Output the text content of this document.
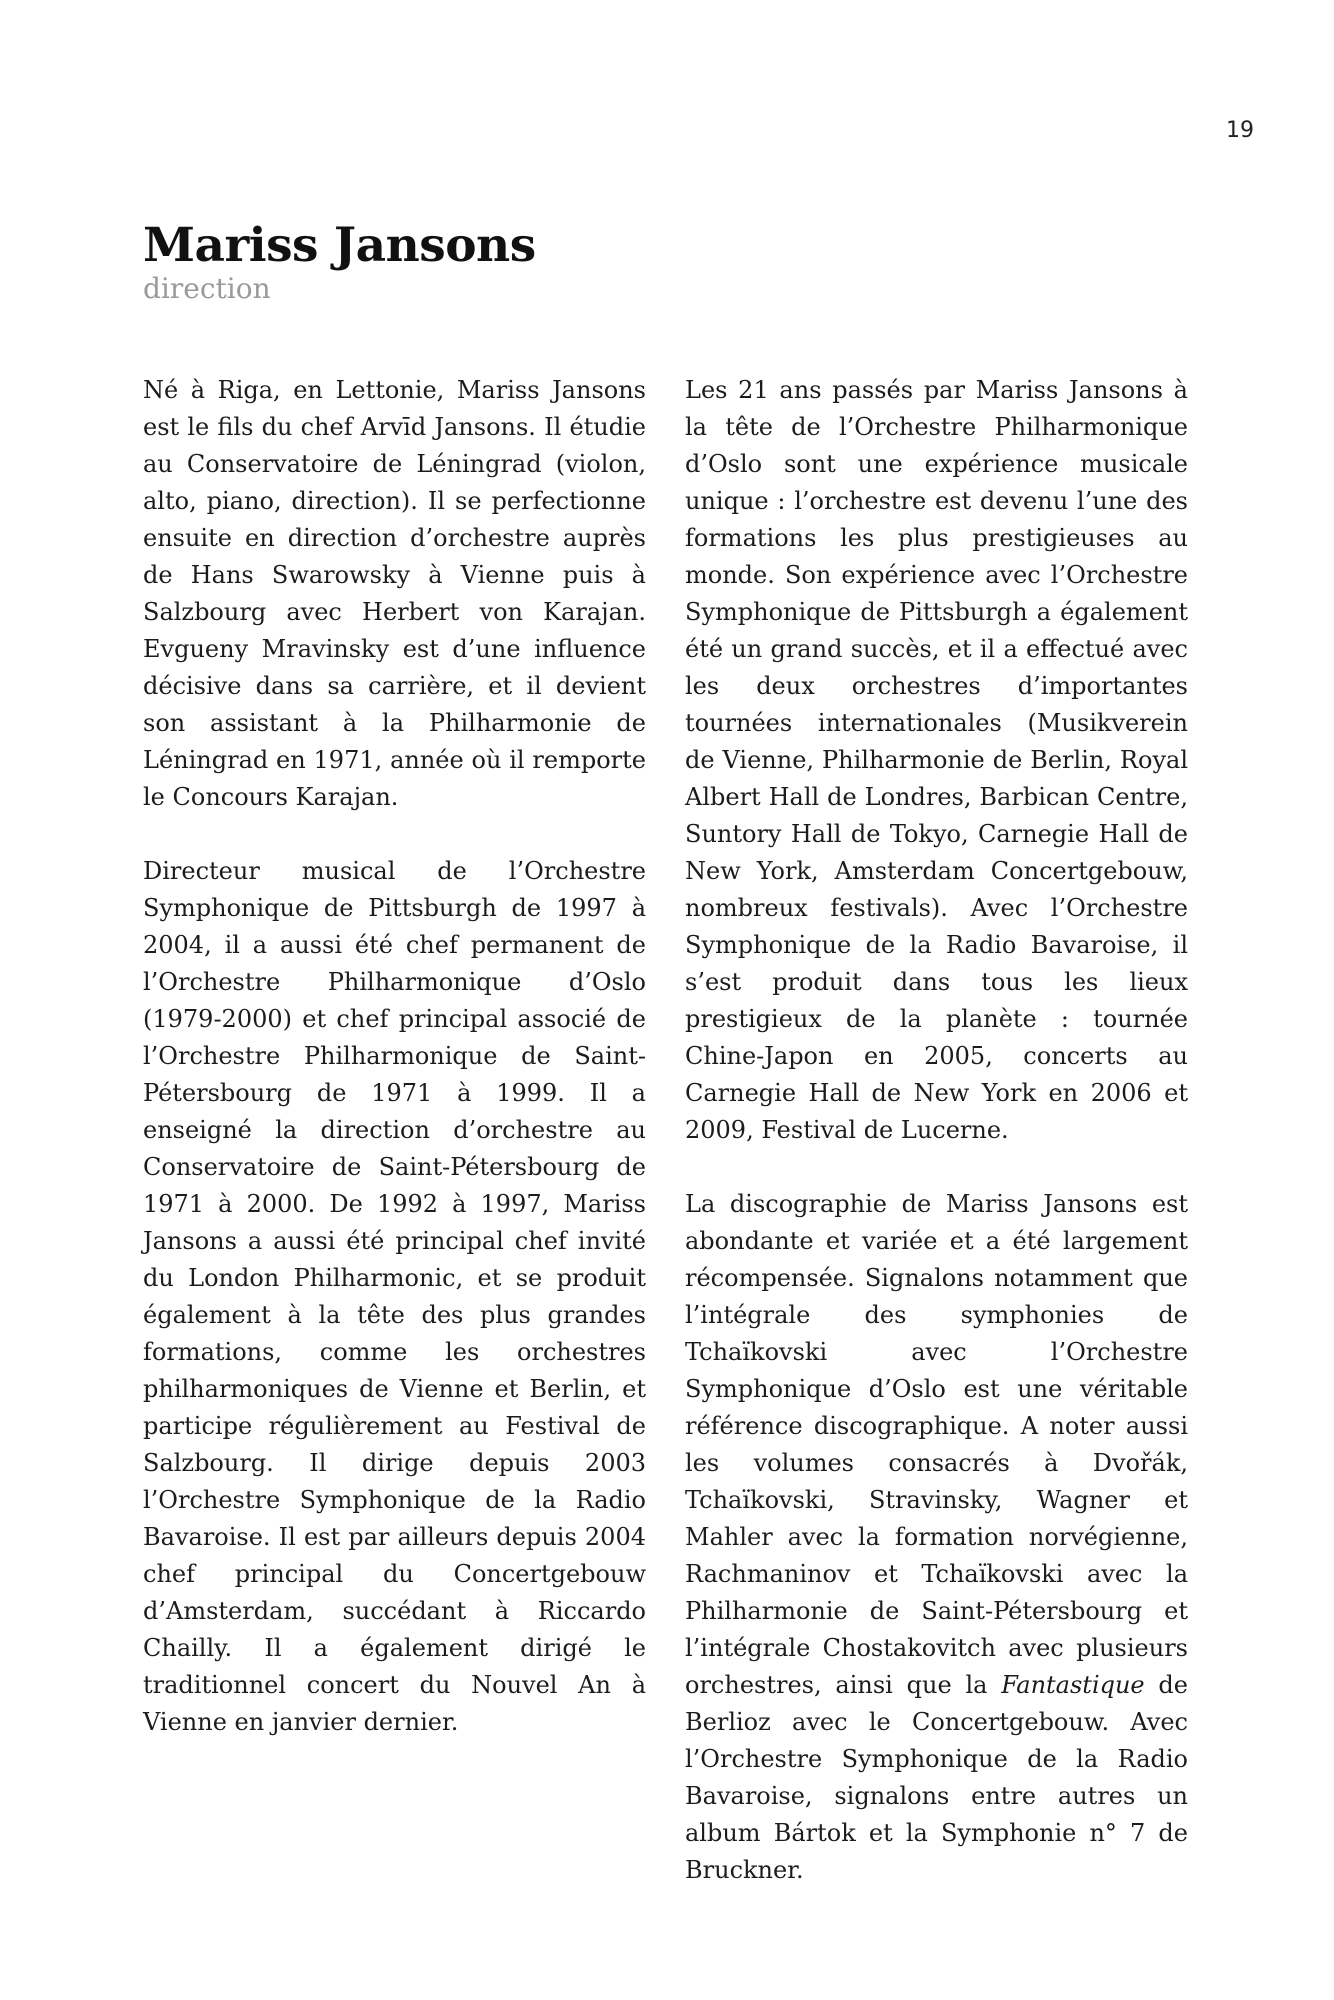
19
Mariss Jansons
direction

Né à Riga, en Lettonie, Mariss Jansons est le fils du chef Arvīd Jansons. Il étudie au Conservatoire de Léningrad (violon, alto, piano, direction). Il se perfectionne ensuite en direction d’orchestre auprès de Hans Swarowsky à Vienne puis à Salzbourg avec Herbert von Karajan. Evgueny Mravinsky est d’une influence décisive dans sa carrière, et il devient son assistant à la Philharmonie de Léningrad en 1971, année où il remporte le Concours Karajan.

Directeur musical de l’Orchestre Symphonique de Pittsburgh de 1997 à 2004, il a aussi été chef permanent de l’Orchestre Philharmonique d’Oslo (1979-2000) et chef principal associé de l’Orchestre Philharmonique de Saint-Pétersbourg de 1971 à 1999. Il a enseigné la direction d’orchestre au Conservatoire de Saint-Pétersbourg de 1971 à 2000. De 1992 à 1997, Mariss Jansons a aussi été principal chef invité du London Philharmonic, et se produit également à la tête des plus grandes formations, comme les orchestres philharmoniques de Vienne et Berlin, et participe régulièrement au Festival de Salzbourg. Il dirige depuis 2003 l’Orchestre Symphonique de la Radio Bavaroise. Il est par ailleurs depuis 2004 chef principal du Concertgebouw d’Amsterdam, succédant à Riccardo Chailly. Il a également dirigé le traditionnel concert du Nouvel An à Vienne en janvier dernier.

Les 21 ans passés par Mariss Jansons à la tête de l’Orchestre Philharmonique d’Oslo sont une expérience musicale unique : l’orchestre est devenu l’une des formations les plus prestigieuses au monde. Son expérience avec l’Orchestre Symphonique de Pittsburgh a également été un grand succès, et il a effectué avec les deux orchestres d’importantes tournées internationales (Musikverein de Vienne, Philharmonie de Berlin, Royal Albert Hall de Londres, Barbican Centre, Suntory Hall de Tokyo, Carnegie Hall de New York, Amsterdam Concertgebouw, nombreux festivals). Avec l’Orchestre Symphonique de la Radio Bavaroise, il s’est produit dans tous les lieux prestigieux de la planète : tournée Chine-Japon en 2005, concerts au Carnegie Hall de New York en 2006 et 2009, Festival de Lucerne.

La discographie de Mariss Jansons est abondante et variée et a été largement récompensée. Signalons notamment que l’intégrale des symphonies de Tchaïkovski avec l’Orchestre Symphonique d’Oslo est une véritable référence discographique. A noter aussi les volumes consacrés à Dvořák, Tchaïkovski, Stravinsky, Wagner et Mahler avec la formation norvégienne, Rachmaninov et Tchaïkovski avec la Philharmonie de Saint-Pétersbourg et l’intégrale Chostakovitch avec plusieurs orchestres, ainsi que la Fantastique de Berlioz avec le Concertgebouw. Avec l’Orchestre Symphonique de la Radio Bavaroise, signalons entre autres un album Bártok et la Symphonie n° 7 de Bruckner.
